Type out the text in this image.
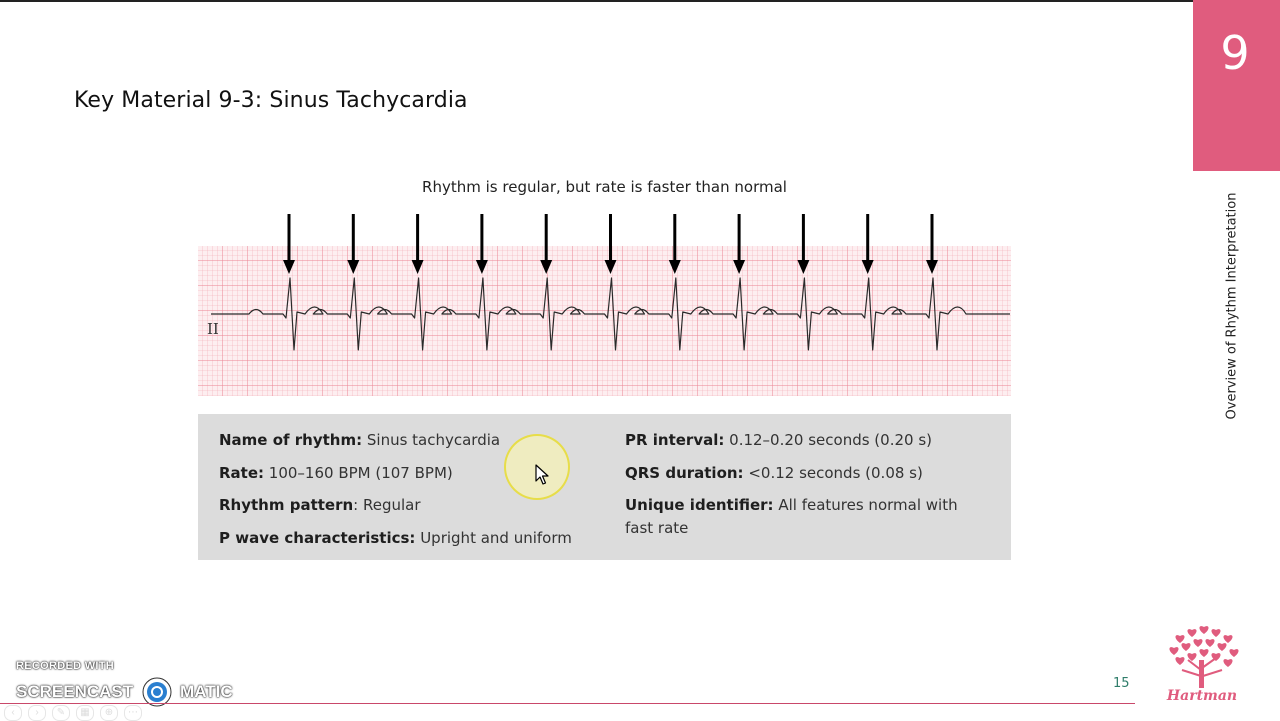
Key Material 9-3: Sinus Tachycardia
9
Overview of Rhythm Interpretation
Rhythm is regular, but rate is faster than normal
II
Name of rhythm: Sinus tachycardia
Rate: 100–160 BPM (107 BPM)
Rhythm pattern: Regular
P wave characteristics: Upright and uniform
PR interval: 0.12–0.20 seconds (0.20 s)
QRS duration: <0.12 seconds (0.08 s)
Unique identifier: All features normal with
fast rate
RECORDED WITH
SCREENCAST	MATIC
‹ › ✎ ▦ ⊕ ⋯
15
Hartman
